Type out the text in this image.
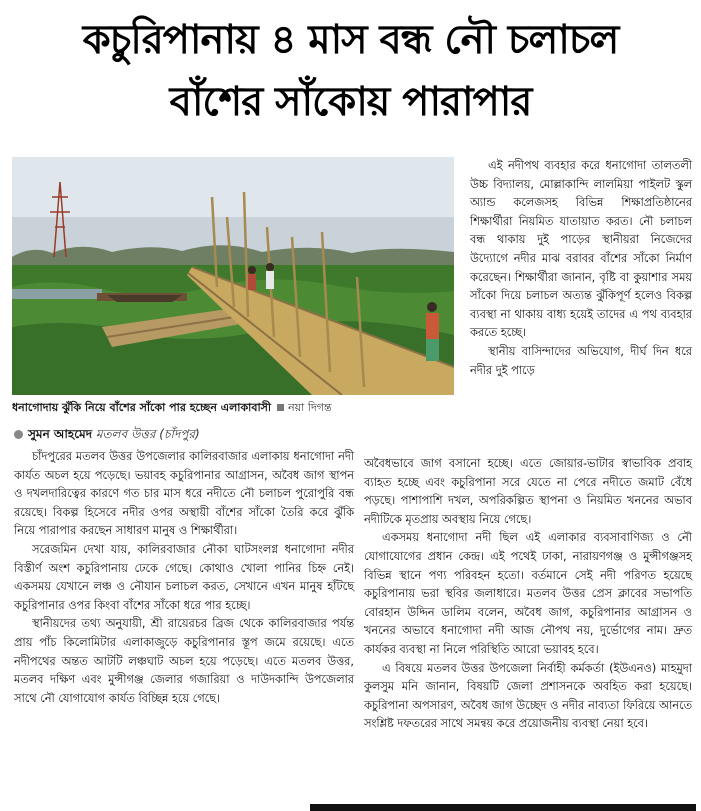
কচুরিপানায় ৪ মাস বন্ধ নৌ চলাচল
বাঁশের সাঁকোয় পারাপার
ধনাগোদায় ঝুঁকি নিয়ে বাঁশের সাঁকো পার হচ্ছেন এলাকাবাসী নয়া দিগন্ত
সুমন আহমেদ মতলব উত্তর (চাঁদপুর)

চাঁদপুরের মতলব উত্তর উপজেলার কালিরবাজার এলাকায় ধনাগোদা নদী কার্যত অচল হয়ে পড়েছে। ভয়াবহ কচুরিপানার আগ্রাসন, অবৈধ জাগ স্থাপন ও দখলদারিত্বের কারণে গত চার মাস ধরে নদীতে নৌ চলাচল পুরোপুরি বন্ধ রয়েছে। বিকল্প হিসেবে নদীর ওপর অস্থায়ী বাঁশের সাঁকো তৈরি করে ঝুঁকি নিয়ে পারাপার করছেন সাধারণ মানুষ ও শিক্ষার্থীরা।

সরেজমিন দেখা যায়, কালিরবাজার নৌকা ঘাটসংলগ্ন ধনাগোদা নদীর বিস্তীর্ণ অংশ কচুরিপানায় ঢেকে গেছে। কোথাও খোলা পানির চিহ্ন নেই। একসময় যেখানে লঞ্চ ও নৌযান চলাচল করত, সেখানে এখন মানুষ হাঁটছে কচুরিপানার ওপর কিংবা বাঁশের সাঁকো ধরে পার হচ্ছে।

স্থানীয়দের তথ্য অনুযায়ী, শ্রী রায়েরচর ব্রিজ থেকে কালিরবাজার পর্যন্ত প্রায় পাঁচ কিলোমিটার এলাকাজুড়ে কচুরিপানার স্তূপ জমে রয়েছে। এতে নদীপথের অন্তত আটটি লঞ্চঘাট অচল হয়ে পড়েছে। এতে মতলব উত্তর, মতলব দক্ষিণ এবং মুন্সীগঞ্জ জেলার গজারিয়া ও দাউদকান্দি উপজেলার সাথে নৌ যোগাযোগ কার্যত বিচ্ছিন্ন হয়ে গেছে।

এই নদীপথ ব্যবহার করে ধনাগোদা তালতলী উচ্চ বিদ্যালয়, মোল্লাকান্দি লালমিয়া পাইলট স্কুল অ্যান্ড কলেজসহ বিভিন্ন শিক্ষাপ্রতিষ্ঠানের শিক্ষার্থীরা নিয়মিত যাতায়াত করত। নৌ চলাচল বন্ধ থাকায় দুই পাড়ের স্থানীয়রা নিজেদের উদ্যোগে নদীর মাঝ বরাবর বাঁশের সাঁকো নির্মাণ করেছেন। শিক্ষার্থীরা জানান, বৃষ্টি বা কুয়াশার সময় সাঁকো দিয়ে চলাচল অত্যন্ত ঝুঁকিপূর্ণ হলেও বিকল্প ব্যবস্থা না থাকায় বাধ্য হয়েই তাদের এ পথ ব্যবহার করতে হচ্ছে।

স্থানীয় বাসিন্দাদের অভিযোগ, দীর্ঘ দিন ধরে নদীর দুই পাড়ে

অবৈধভাবে জাগ বসানো হচ্ছে। এতে জোয়ার-ভাটার স্বাভাবিক প্রবাহ ব্যাহত হচ্ছে এবং কচুরিপানা সরে যেতে না পেরে নদীতে জমাট বেঁধে পড়ছে। পাশাপাশি দখল, অপরিকল্পিত স্থাপনা ও নিয়মিত খননের অভাব নদীটিকে মৃতপ্রায় অবস্থায় নিয়ে গেছে।

একসময় ধনাগোদা নদী ছিল এই এলাকার ব্যবসাবাণিজ্য ও নৌ যোগাযোগের প্রধান কেন্দ্র। এই পথেই ঢাকা, নারায়ণগঞ্জ ও মুন্সীগঞ্জসহ বিভিন্ন স্থানে পণ্য পরিবহন হতো। বর্তমানে সেই নদী পরিণত হয়েছে কচুরিপানায় ভরা স্থবির জলাধারে। মতলব উত্তর প্রেস ক্লাবের সভাপতি বোরহান উদ্দিন ডালিম বলেন, অবৈধ জাগ, কচুরিপানার আগ্রাসন ও খননের অভাবে ধনাগোদা নদী আজ নৌপথ নয়, দুর্ভোগের নাম। দ্রুত কার্যকর ব্যবস্থা না নিলে পরিস্থিতি আরো ভয়াবহ হবে।

এ বিষয়ে মতলব উত্তর উপজেলা নির্বাহী কর্মকর্তা (ইউএনও) মাহমুদা কুলসুম মনি জানান, বিষয়টি জেলা প্রশাসনকে অবহিত করা হয়েছে। কচুরিপানা অপসারণ, অবৈধ জাগ উচ্ছেদ ও নদীর নাব্যতা ফিরিয়ে আনতে সংশ্লিষ্ট দফতরের সাথে সমন্বয় করে প্রয়োজনীয় ব্যবস্থা নেয়া হবে।
